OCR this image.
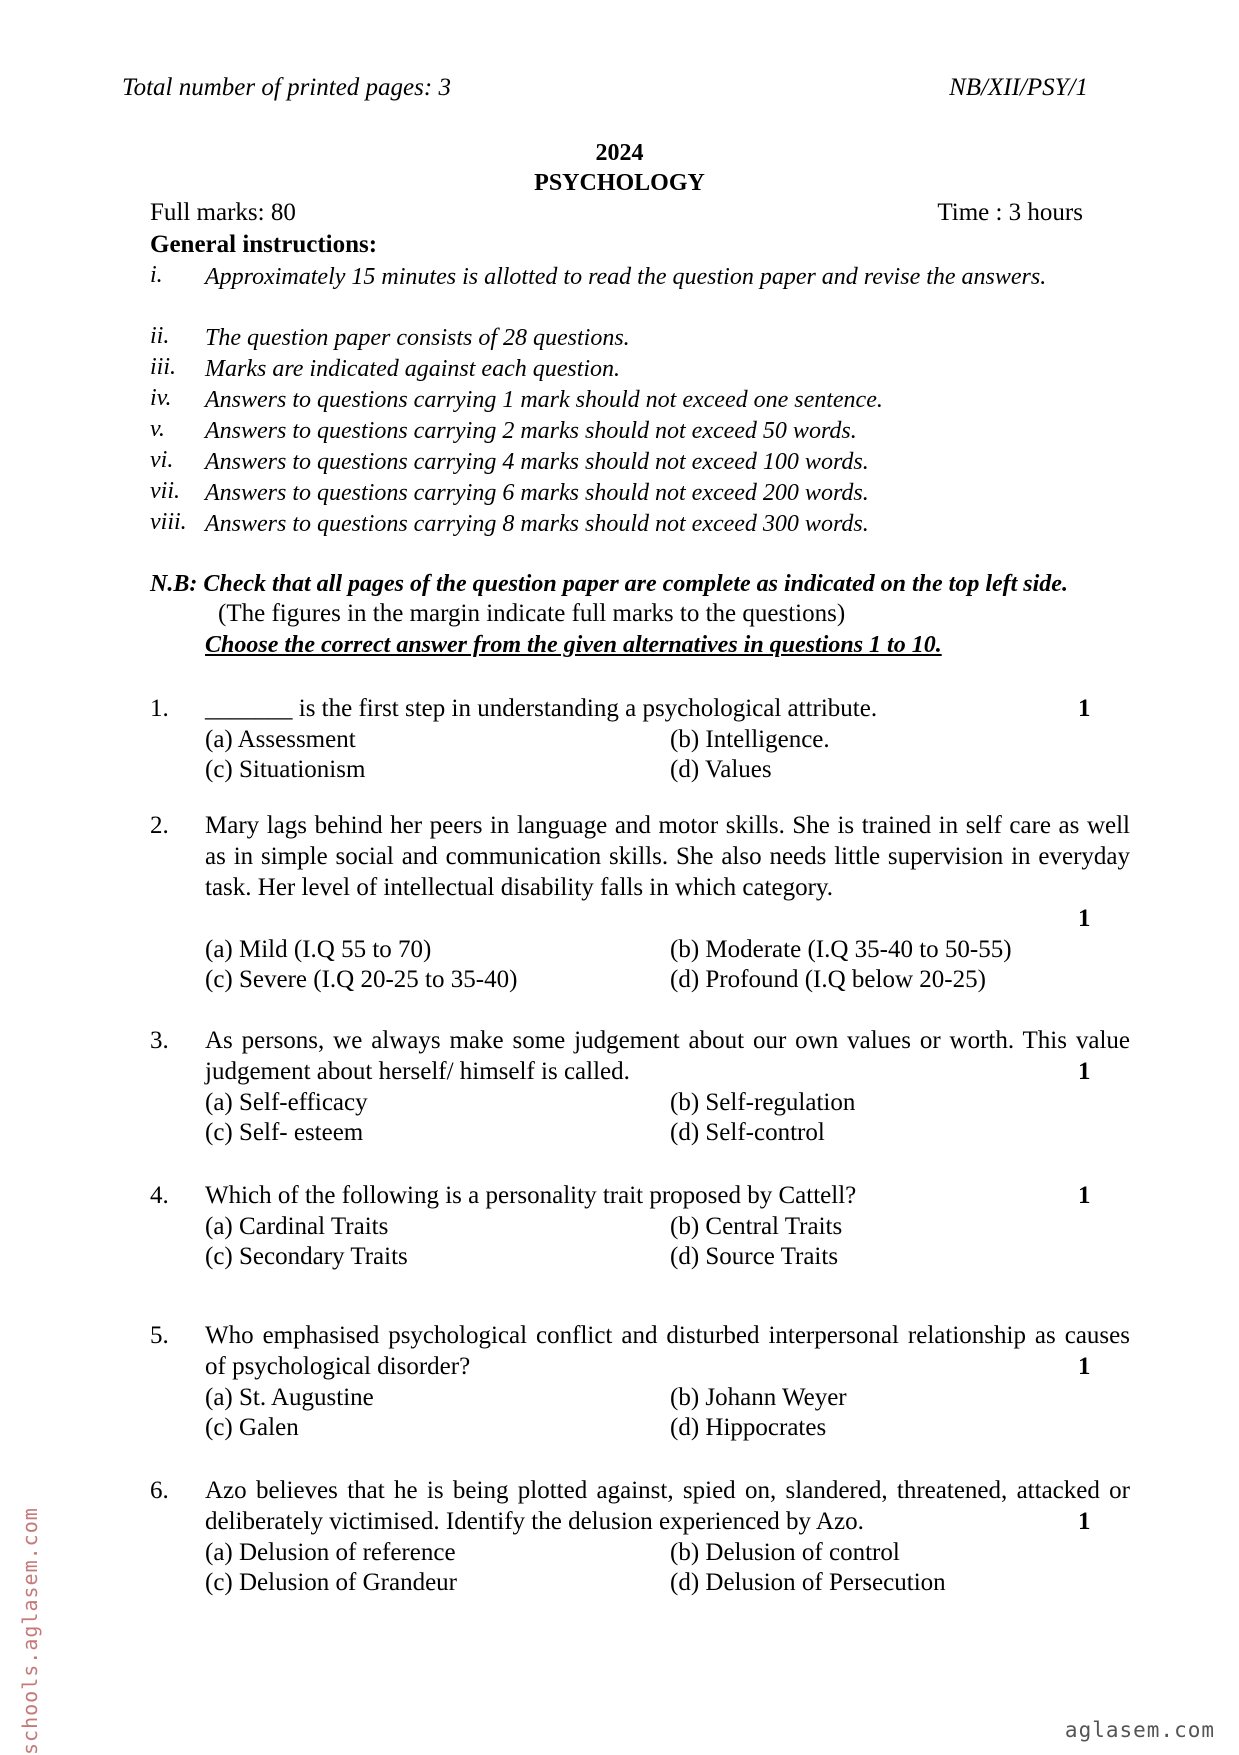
Total number of printed pages: 3	NB/XII/PSY/1
2024
PSYCHOLOGY
Full marks: 80	Time : 3 hours
General instructions:
i. Approximately 15 minutes is allotted to read the question paper and revise the answers.
ii. The question paper consists of 28 questions.
iii. Marks are indicated against each question.
iv. Answers to questions carrying 1 mark should not exceed one sentence.
v. Answers to questions carrying 2 marks should not exceed 50 words.
vi. Answers to questions carrying 4 marks should not exceed 100 words.
vii. Answers to questions carrying 6 marks should not exceed 200 words.
viii. Answers to questions carrying 8 marks should not exceed 300 words.
N.B: Check that all pages of the question paper are complete as indicated on the top left side.
(The figures in the margin indicate full marks to the questions)
Choose the correct answer from the given alternatives in questions 1 to 10.
1. _______ is the first step in understanding a psychological attribute.	1
(a) Assessment	(b) Intelligence.
(c) Situationism	(d) Values
2. Mary lags behind her peers in language and motor skills. She is trained in self care as well as in simple social and communication skills. She also needs little supervision in everyday task. Her level of intellectual disability falls in which category.
1
(a) Mild (I.Q 55 to 70)	(b) Moderate (I.Q 35-40 to 50-55)
(c) Severe (I.Q 20-25 to 35-40)	(d) Profound (I.Q below 20-25)
3. As persons, we always make some judgement about our own values or worth. This value judgement about herself/ himself is called.	1
(a) Self-efficacy	(b) Self-regulation
(c) Self- esteem	(d) Self-control
4. Which of the following is a personality trait proposed by Cattell?	1
(a) Cardinal Traits	(b) Central Traits
(c) Secondary Traits	(d) Source Traits
5. Who emphasised psychological conflict and disturbed interpersonal relationship as causes of psychological disorder?	1
(a) St. Augustine	(b) Johann Weyer
(c) Galen	(d) Hippocrates
6. Azo believes that he is being plotted against, spied on, slandered, threatened, attacked or deliberately victimised. Identify the delusion experienced by Azo.	1
(a) Delusion of reference	(b) Delusion of control
(c) Delusion of Grandeur	(d) Delusion of Persecution
schools.aglasem.com	aglasem.com
